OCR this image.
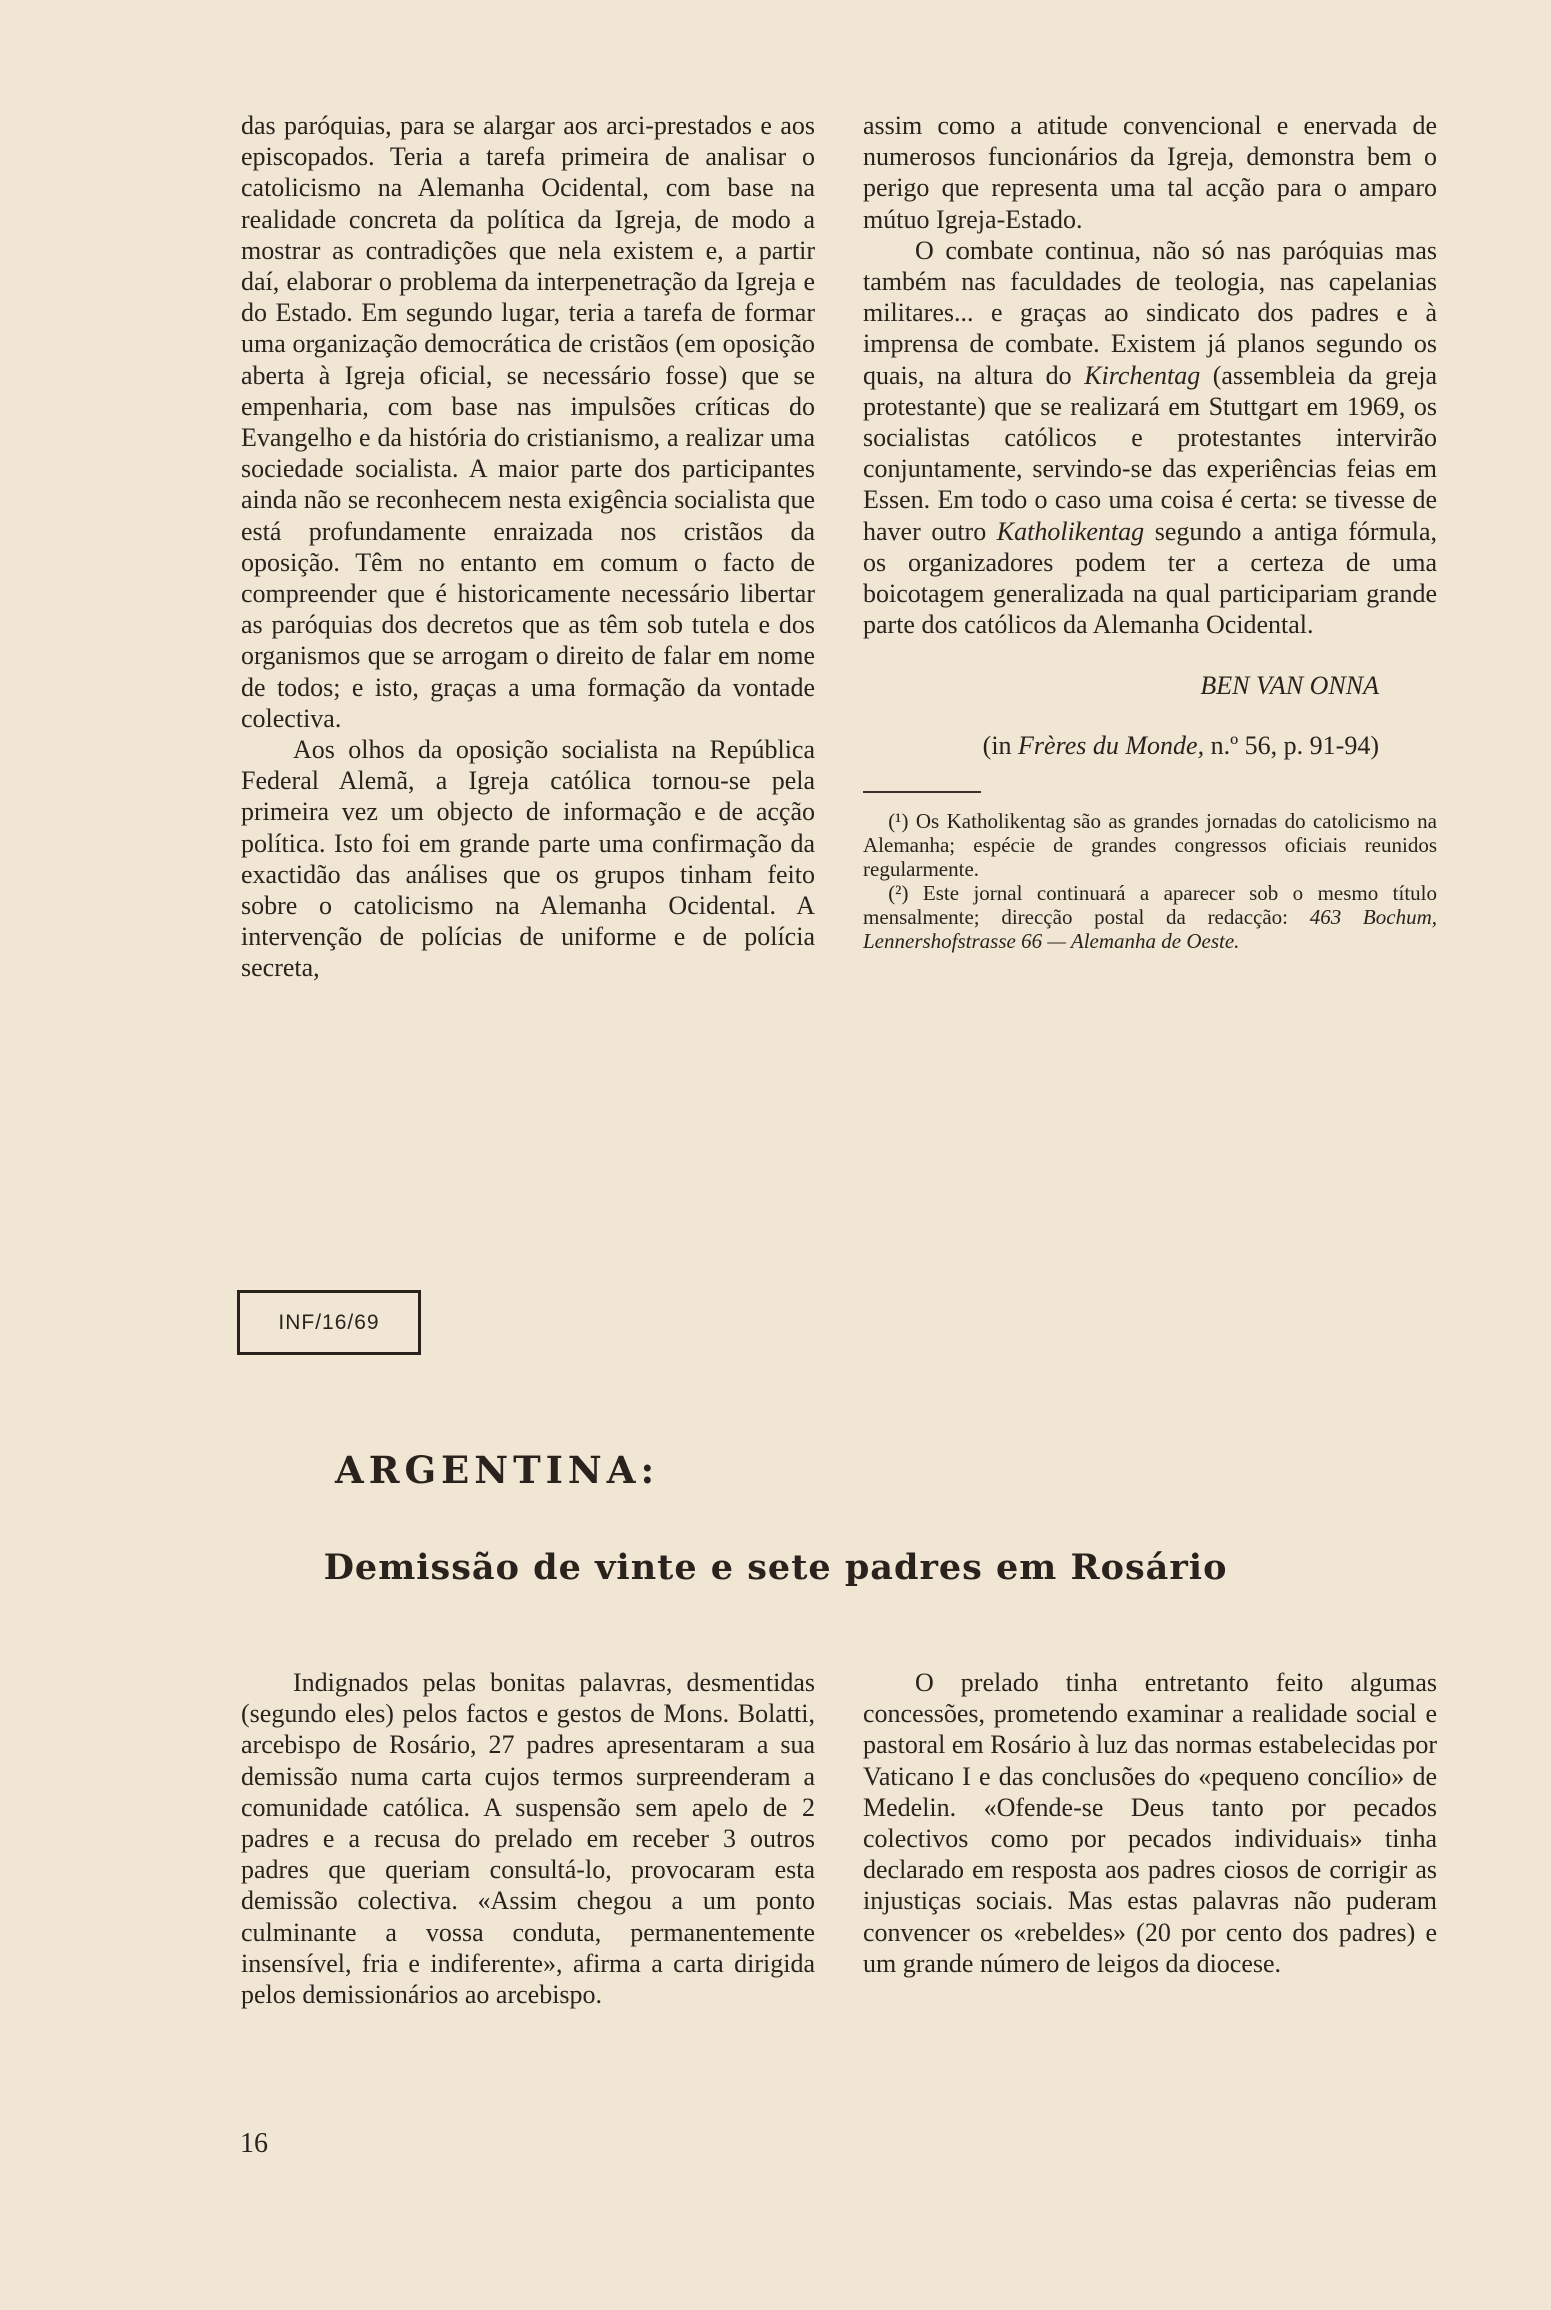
das paróquias, para se alargar aos arci-prestados e aos episcopados. Teria a tarefa primeira de analisar o catolicismo na Alemanha Ocidental, com base na realidade concreta da política da Igreja, de modo a mostrar as contradições que nela existem e, a partir daí, elaborar o problema da interpenetração da Igreja e do Estado. Em segundo lugar, teria a tarefa de formar uma organização democrática de cristãos (em oposição aberta à Igreja oficial, se necessário fosse) que se empenharia, com base nas impulsões críticas do Evangelho e da história do cristianismo, a realizar uma sociedade socialista. A maior parte dos participantes ainda não se reconhecem nesta exigência socialista que está profundamente enraizada nos cristãos da oposição. Têm no entanto em comum o facto de compreender que é historicamente necessário libertar as paróquias dos decretos que as têm sob tutela e dos organismos que se arrogam o direito de falar em nome de todos; e isto, graças a uma formação da vontade colectiva.

Aos olhos da oposição socialista na República Federal Alemã, a Igreja católica tornou-se pela primeira vez um objecto de informação e de acção política. Isto foi em grande parte uma confirmação da exactidão das análises que os grupos tinham feito sobre o catolicismo na Alemanha Ocidental. A intervenção de polícias de uniforme e de polícia secreta,

assim como a atitude convencional e enervada de numerosos funcionários da Igreja, demonstra bem o perigo que representa uma tal acção para o amparo mútuo Igreja-Estado.

O combate continua, não só nas paróquias mas também nas faculdades de teologia, nas capelanias militares... e graças ao sindicato dos padres e à imprensa de combate. Existem já planos segundo os quais, na altura do Kirchentag (assembleia da greja protestante) que se realizará em Stuttgart em 1969, os socialistas católicos e protestantes intervirão conjuntamente, servindo-se das experiências feias em Essen. Em todo o caso uma coisa é certa: se tivesse de haver outro Katholikentag segundo a antiga fórmula, os organizadores podem ter a certeza de uma boicotagem generalizada na qual participariam grande parte dos católicos da Alemanha Ocidental.

BEN VAN ONNA

(in Frères du Monde, n.º 56, p. 91-94)

(¹) Os Katholikentag são as grandes jornadas do catolicismo na Alemanha; espécie de grandes congressos oficiais reunidos regularmente.

(²) Este jornal continuará a aparecer sob o mesmo título mensalmente; direcção postal da redacção: 463 Bochum, Lennershofstrasse 66 — Alemanha de Oeste.

INF/16/69
ARGENTINA:
Demissão de vinte e sete padres em Rosário

Indignados pelas bonitas palavras, desmentidas (segundo eles) pelos factos e gestos de Mons. Bolatti, arcebispo de Rosário, 27 padres apresentaram a sua demissão numa carta cujos termos surpreenderam a comunidade católica. A suspensão sem apelo de 2 padres e a recusa do prelado em receber 3 outros padres que queriam consultá-lo, provocaram esta demissão colectiva. «Assim chegou a um ponto culminante a vossa conduta, permanentemente insensível, fria e indiferente», afirma a carta dirigida pelos demissionários ao arcebispo.

O prelado tinha entretanto feito algumas concessões, prometendo examinar a realidade social e pastoral em Rosário à luz das normas estabelecidas por Vaticano I e das conclusões do «pequeno concílio» de Medelin. «Ofende-se Deus tanto por pecados colectivos como por pecados individuais» tinha declarado em resposta aos padres ciosos de corrigir as injustiças sociais. Mas estas palavras não puderam convencer os «rebeldes» (20 por cento dos padres) e um grande número de leigos da diocese.

16
